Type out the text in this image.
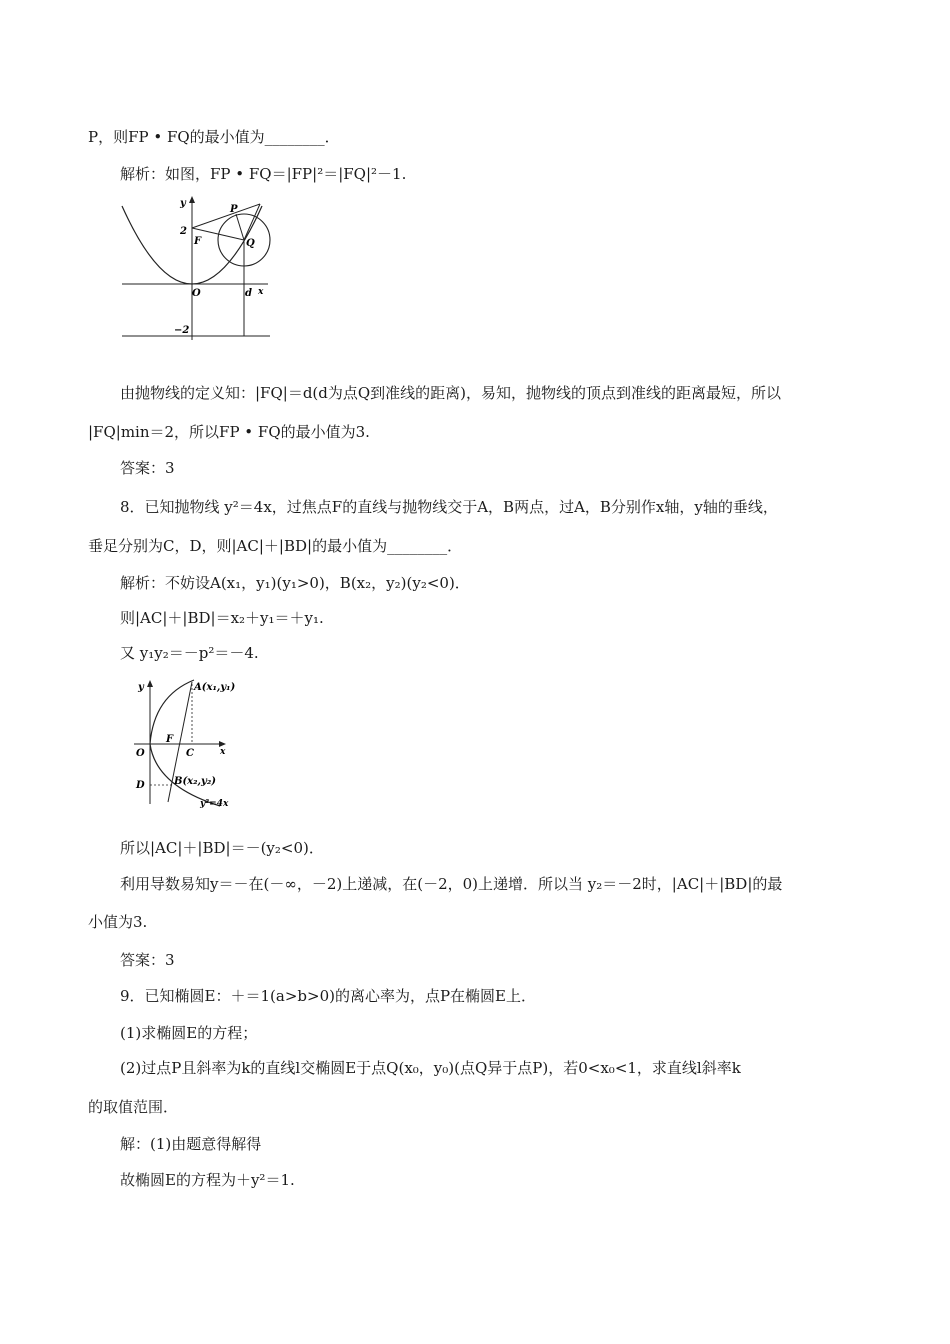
P，则FP • FQ的最小值为________．
解析：如图，FP • FQ＝|FP|²＝|FQ|²－1.
y
2
F
P
Q
O	d x
−2
由抛物线的定义知：|FQ|＝d(d为点Q到准线的距离)，易知，抛物线的顶点到准线的距离最短，所以
|FQ|min＝2，所以FP • FQ的最小值为3.
答案：3
8．已知抛物线 y²＝4x，过焦点F的直线与抛物线交于A，B两点，过A，B分别作x轴，y轴的垂线，
垂足分别为C，D，则|AC|＋|BD|的最小值为________．
解析：不妨设A(x₁，y₁)(y₁>0)，B(x₂，y₂)(y₂<0)．
则|AC|＋|BD|＝x₂＋y₁＝＋y₁.
又 y₁y₂＝－p²＝－4.
y	A(x₁,y₁)
O
F
C	x
D	B(x₂,y₂)
y²=4x
所以|AC|＋|BD|＝－(y₂<0)．
利用导数易知y＝－在(－∞，－2)上递减，在(－2，0)上递增．所以当 y₂＝－2时，|AC|＋|BD|的最
小值为3.
答案：3
9．已知椭圆E：＋＝1(a>b>0)的离心率为，点P在椭圆E上．
(1)求椭圆E的方程；
(2)过点P且斜率为k的直线l交椭圆E于点Q(x₀，y₀)(点Q异于点P)，若0<x₀<1，求直线l斜率k
的取值范围．
解：(1)由题意得解得
故椭圆E的方程为＋y²＝1.
